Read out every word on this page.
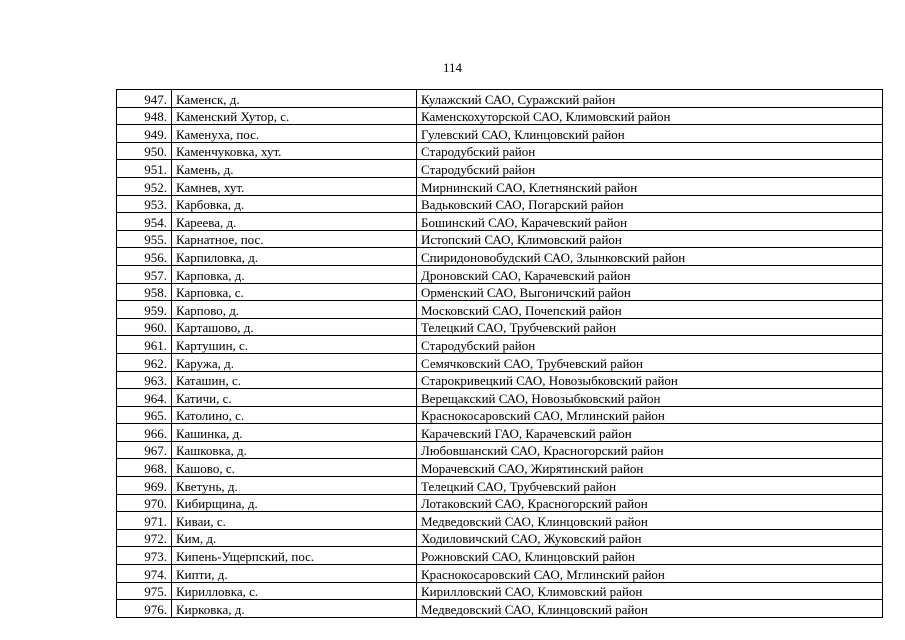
114
947.	Каменск, д.	Кулажский САО, Суражский район
948.	Каменский Хутор, с.	Каменскохуторской САО, Климовский район
949.	Каменуха, пос.	Гулевский САО, Клинцовский район
950.	Каменчуковка, хут.	Стародубский район
951.	Камень, д.	Стародубский район
952.	Камнев, хут.	Мирнинский САО, Клетнянский район
953.	Карбовка, д.	Вадьковский САО, Погарский район
954.	Кареева, д.	Бошинский САО, Карачевский район
955.	Карнатное, пос.	Истопский САО, Климовский район
956.	Карпиловка, д.	Спиридоновобудский САО, Злынковский район
957.	Карповка, д.	Дроновский САО, Карачевский район
958.	Карповка, с.	Орменский САО, Выгоничский район
959.	Карпово, д.	Московский САО, Почепский район
960.	Карташово, д.	Телецкий САО, Трубчевский район
961.	Картушин, с.	Стародубский район
962.	Каружа, д.	Семячковский САО, Трубчевский район
963.	Каташин, с.	Старокривецкий САО, Новозыбковский район
964.	Катичи, с.	Верещакский САО, Новозыбковский район
965.	Католино, с.	Краснокосаровский САО, Мглинский район
966.	Кашинка, д.	Карачевский ГАО, Карачевский район
967.	Кашковка, д.	Любовшанский САО, Красногорский район
968.	Кашово, с.	Морачевский САО, Жирятинский район
969.	Кветунь, д.	Телецкий САО, Трубчевский район
970.	Кибирщина, д.	Лотаковский САО, Красногорский район
971.	Киваи, с.	Медведовский САО, Клинцовский район
972.	Ким, д.	Ходиловичский САО, Жуковский район
973.	Кипень-Ущерпский, пос.	Рожновский САО, Клинцовский район
974.	Кипти, д.	Краснокосаровский САО, Мглинский район
975.	Кирилловка, с.	Кирилловский САО, Климовский район
976.	Кирковка, д.	Медведовский САО, Клинцовский район
